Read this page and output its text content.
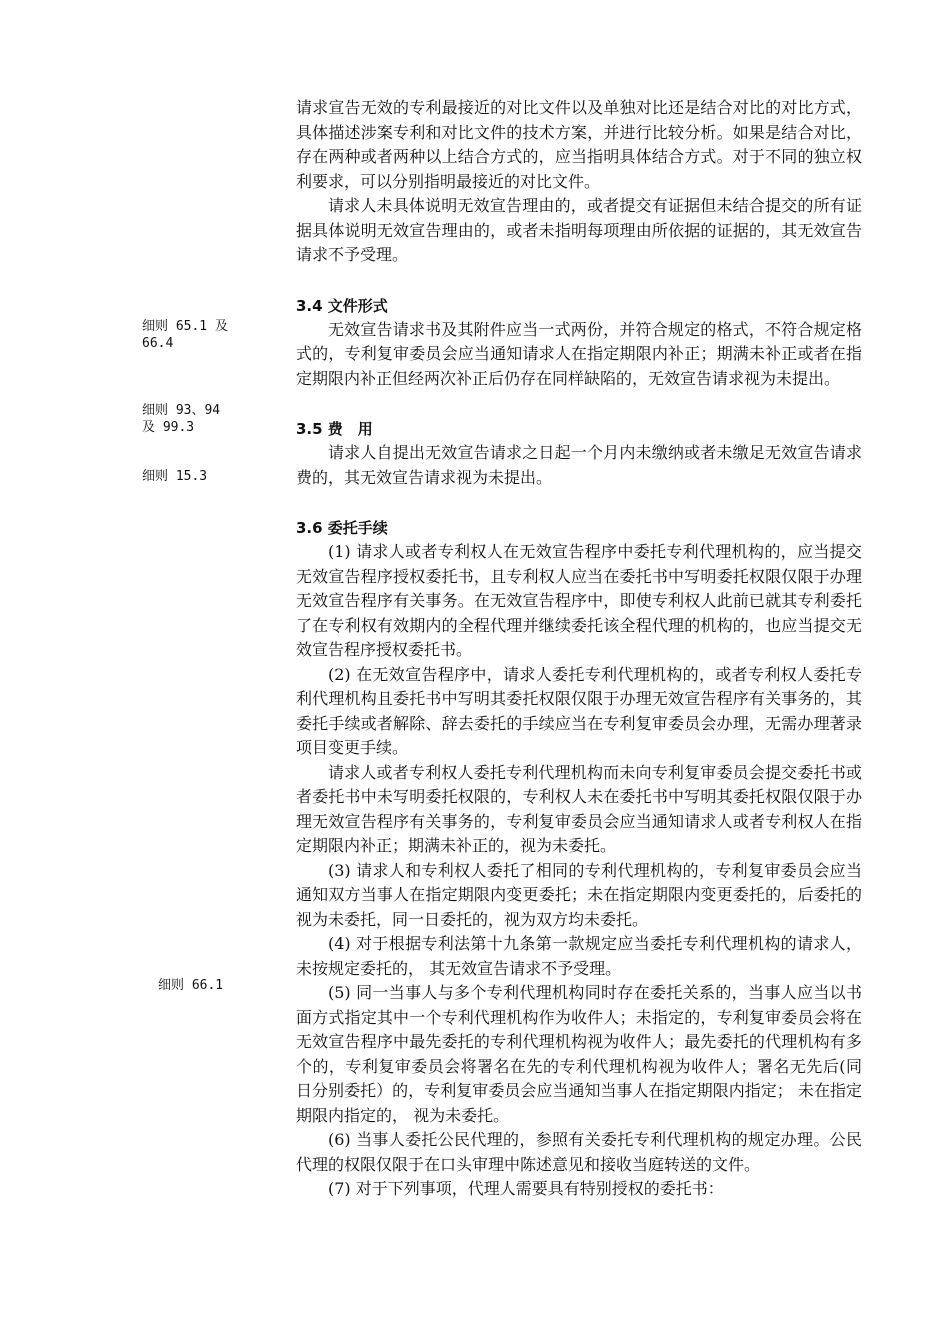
请求宣告无效的专利最接近的对比文件以及单独对比还是结合对比的对比方式，具体描述涉案专利和对比文件的技术方案，并进行比较分析。如果是结合对比，存在两种或者两种以上结合方式的，应当指明具体结合方式。对于不同的独立权利要求，可以分别指明最接近的对比文件。

请求人未具体说明无效宣告理由的，或者提交有证据但未结合提交的所有证据具体说明无效宣告理由的，或者未指明每项理由所依据的证据的，其无效宣告请求不予受理。

3.4 文件形式

无效宣告请求书及其附件应当一式两份，并符合规定的格式，不符合规定格式的，专利复审委员会应当通知请求人在指定期限内补正；期满未补正或者在指定期限内补正但经两次补正后仍存在同样缺陷的，无效宣告请求视为未提出。

3.5 费　用

请求人自提出无效宣告请求之日起一个月内未缴纳或者未缴足无效宣告请求费的，其无效宣告请求视为未提出。

3.6 委托手续

(1) 请求人或者专利权人在无效宣告程序中委托专利代理机构的，应当提交无效宣告程序授权委托书，且专利权人应当在委托书中写明委托权限仅限于办理无效宣告程序有关事务。在无效宣告程序中，即使专利权人此前已就其专利委托了在专利权有效期内的全程代理并继续委托该全程代理的机构的，也应当提交无效宣告程序授权委托书。

(2) 在无效宣告程序中，请求人委托专利代理机构的，或者专利权人委托专利代理机构且委托书中写明其委托权限仅限于办理无效宣告程序有关事务的，其委托手续或者解除、辞去委托的手续应当在专利复审委员会办理，无需办理著录项目变更手续。

请求人或者专利权人委托专利代理机构而未向专利复审委员会提交委托书或者委托书中未写明委托权限的，专利权人未在委托书中写明其委托权限仅限于办理无效宣告程序有关事务的，专利复审委员会应当通知请求人或者专利权人在指定期限内补正；期满未补正的，视为未委托。

(3) 请求人和专利权人委托了相同的专利代理机构的，专利复审委员会应当通知双方当事人在指定期限内变更委托；未在指定期限内变更委托的，后委托的视为未委托，同一日委托的，视为双方均未委托。

(4) 对于根据专利法第十九条第一款规定应当委托专利代理机构的请求人， 未按规定委托的， 其无效宣告请求不予受理。

(5) 同一当事人与多个专利代理机构同时存在委托关系的，当事人应当以书面方式指定其中一个专利代理机构作为收件人；未指定的，专利复审委员会将在无效宣告程序中最先委托的专利代理机构视为收件人；最先委托的代理机构有多个的，专利复审委员会将署名在先的专利代理机构视为收件人；署名无先后(同日分别委托）的，专利复审委员会应当通知当事人在指定期限内指定； 未在指定期限内指定的， 视为未委托。

(6) 当事人委托公民代理的，参照有关委托专利代理机构的规定办理。公民代理的权限仅限于在口头审理中陈述意见和接收当庭转送的文件。

(7) 对于下列事项，代理人需要具有特别授权的委托书：

细则 65.1 及
66.4
细则 93、94
及 99.3
细则 15.3
细则 66.1
